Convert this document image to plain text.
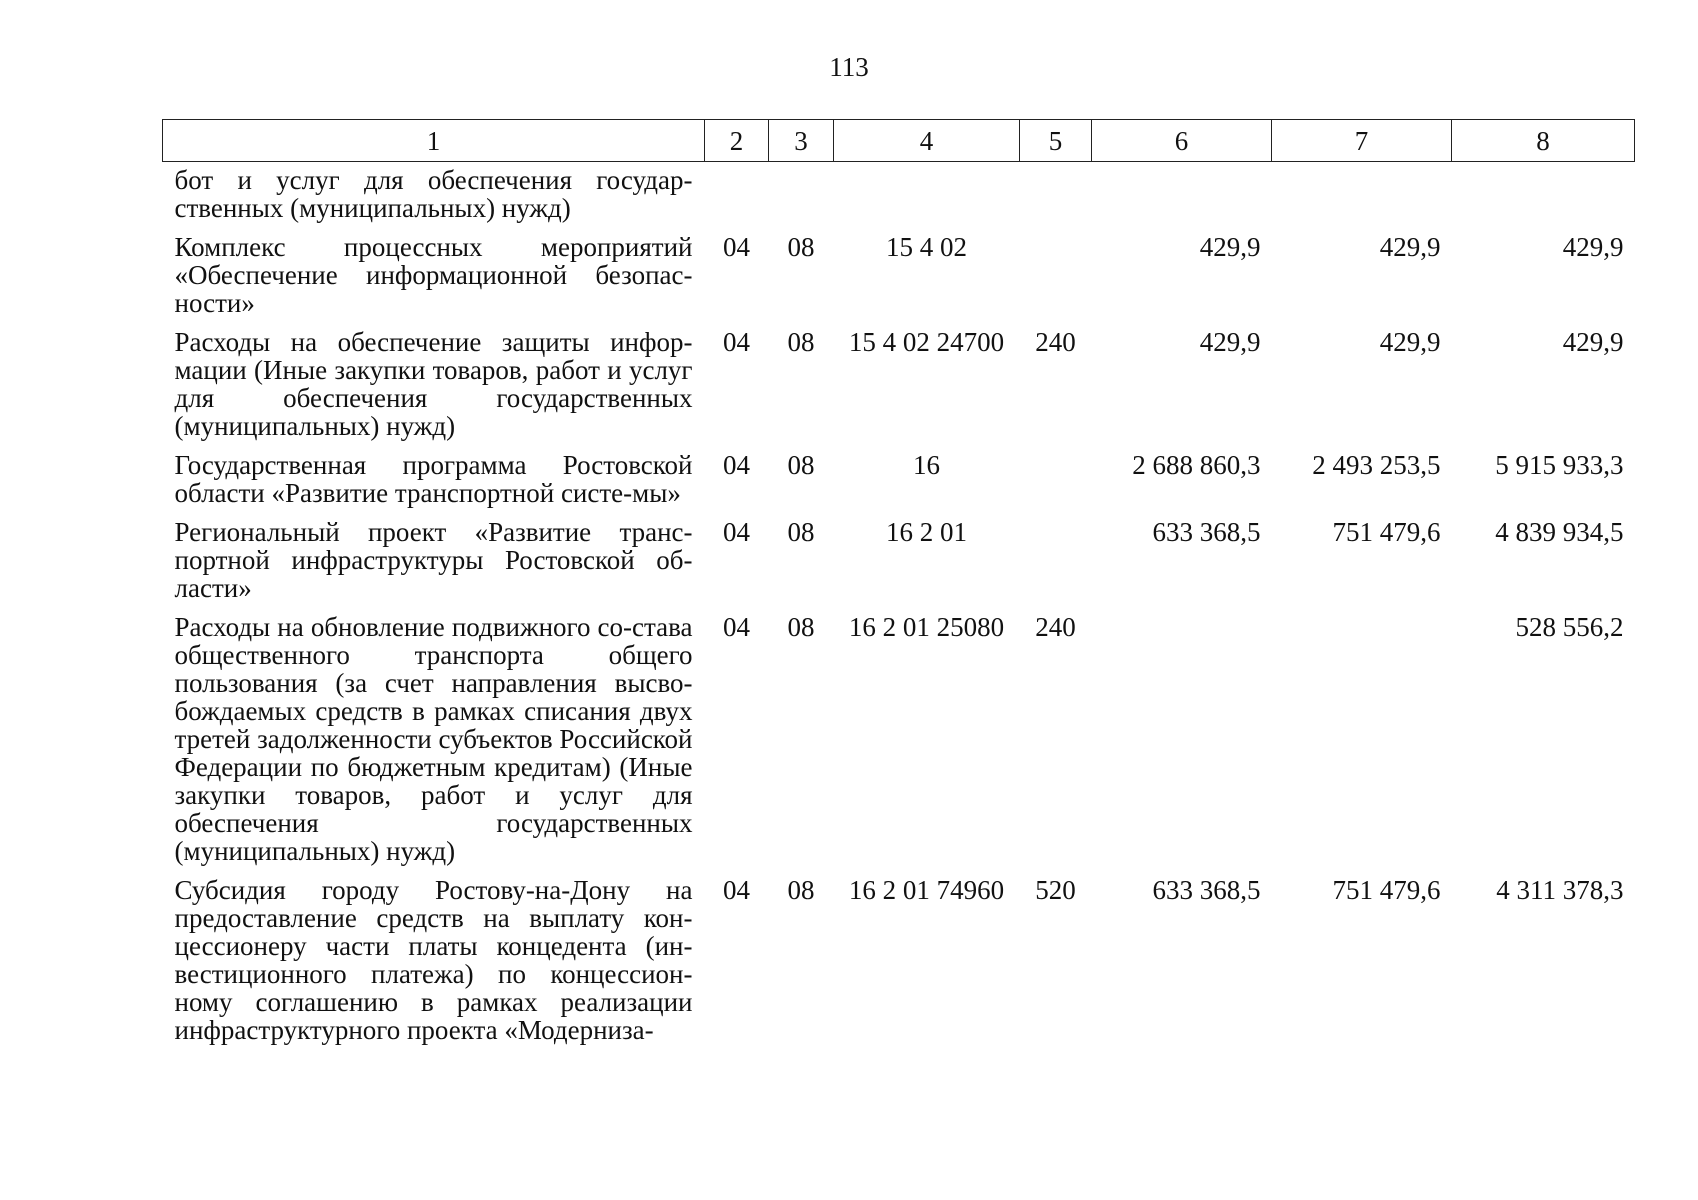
113
1	2	3	4	5	6	7	8
бот и услуг для обеспечения государ-ственных (муниципальных) нужд)							
Комплекс процессных мероприятий «Обеспечение информационной безопас-ности»	04	08	15 4 02		429,9	429,9	429,9
Расходы на обеспечение защиты инфор-мации (Иные закупки товаров, работ и услуг для обеспечения государственных (муниципальных) нужд)	04	08	15 4 02 24700	240	429,9	429,9	429,9
Государственная программа Ростовской области «Развитие транспортной систе-мы»	04	08	16		2 688 860,3	2 493 253,5	5 915 933,3
Региональный проект «Развитие транс-портной инфраструктуры Ростовской об-ласти»	04	08	16 2 01		633 368,5	751 479,6	4 839 934,5
Расходы на обновление подвижного со-става общественного транспорта общего пользования (за счет направления высво-бождаемых средств в рамках списания двух третей задолженности субъектов Российской Федерации по бюджетным кредитам) (Иные закупки товаров, работ и услуг для обеспечения государственных (муниципальных) нужд)	04	08	16 2 01 25080	240			528 556,2
Субсидия городу Ростову-на-Дону на предоставление средств на выплату кон-цессионеру части платы концедента (ин-вестиционного платежа) по концессион-ному соглашению в рамках реализации инфраструктурного проекта «Модерниза-	04	08	16 2 01 74960	520	633 368,5	751 479,6	4 311 378,3
